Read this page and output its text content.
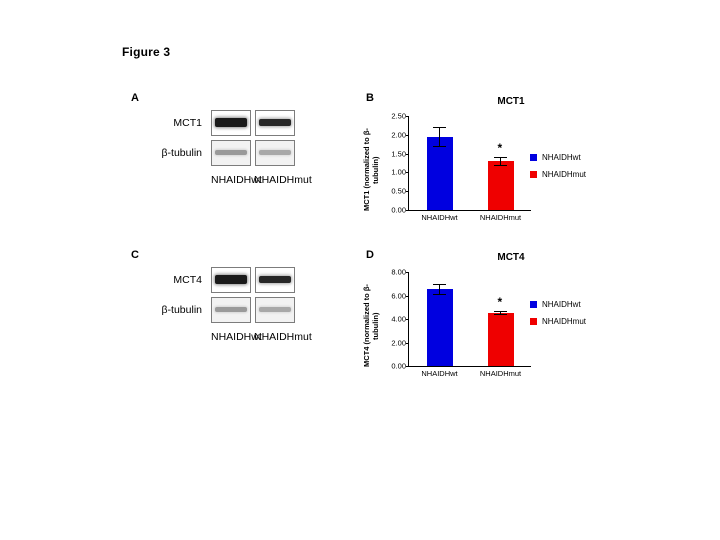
Figure 3
A	B
C	D
MCT1
β-tubulin
NHAIDHwt
NHAIDHmut
MCT4
β-tubulin
NHAIDHwt
NHAIDHmut
MCT1
MCT1 (normalized to β-tubulin)
0.00
0.50
1.00
1.50
2.00
2.50
NHAIDHwt	NHAIDHmut
*
MCT4
MCT4 (normalized to β-tubulin)
0.00
2.00
4.00
6.00
8.00
NHAIDHwt	NHAIDHmut
*
NHAIDHwt
NHAIDHmut
NHAIDHwt
NHAIDHmut
